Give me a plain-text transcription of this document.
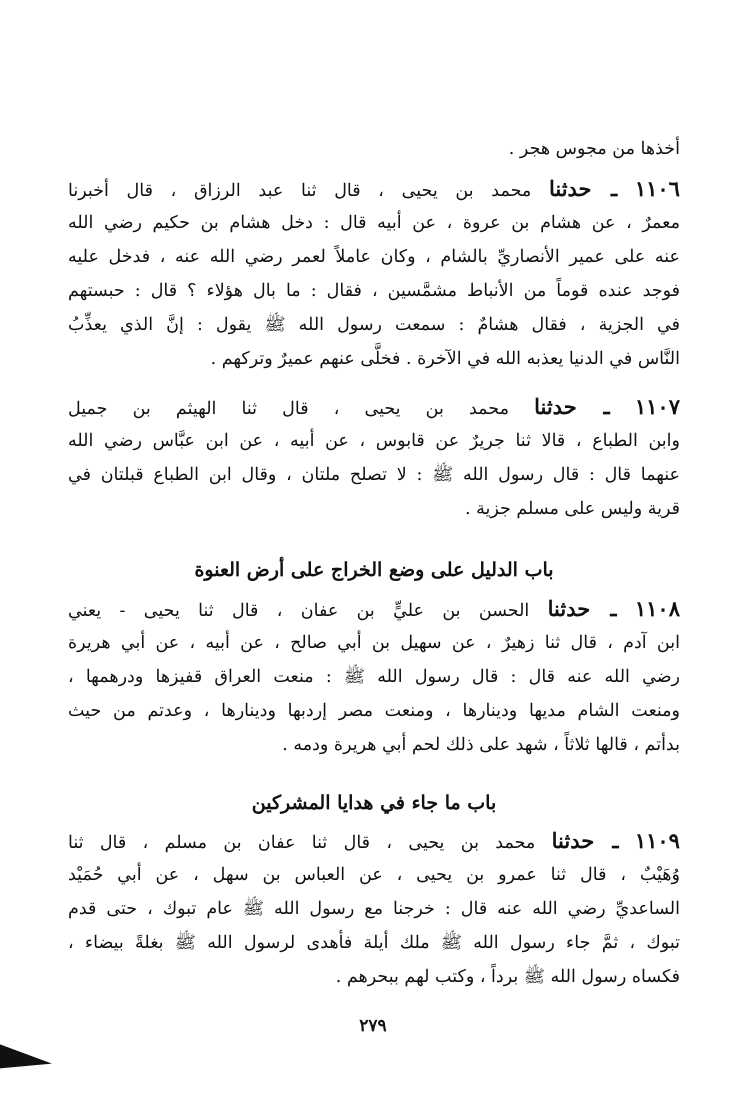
أخذها من مجوس هجر .
١١٠٦ ـ حدثنا محمد بن يحيى ، قال ثنا عبد الرزاق ، قال أخبرنا
معمرٌ ، عن هشام بن عروة ، عن أبيه قال : دخل هشام بن حكيم رضي الله
عنه على عمير الأنصاريِّ بالشام ، وكان عاملاً لعمر رضي الله عنه ، فدخل عليه
فوجد عنده قوماً من الأنباط مشمَّسين ، فقال : ما بال هؤلاء ؟ قال : حبستهم
في الجزية ، فقال هشامٌ : سمعت رسول الله ﷺ يقول : إنَّ الذي يعذِّبُ
النَّاس في الدنيا يعذبه الله في الآخرة . فخلَّى عنهم عميرٌ وتركهم .
١١٠٧ ـ حدثنا محمد بن يحيى ، قال ثنا الهيثم بن جميل
وابن الطباع ، قالا ثنا جريرٌ عن قابوس ، عن أبيه ، عن ابن عبَّاس رضي الله
عنهما قال : قال رسول الله ﷺ : لا تصلح ملتان ، وقال ابن الطباع قبلتان في
قرية وليس على مسلم جزية .
باب الدليل على وضع الخراج على أرض العنوة
١١٠٨ ـ حدثنا الحسن بن عليٍّ بن عفان ، قال ثنا يحيى - يعني
ابن آدم ، قال ثنا زهيرٌ ، عن سهيل بن أبي صالح ، عن أبيه ، عن أبي هريرة
رضي الله عنه قال : قال رسول الله ﷺ : منعت العراق قفيزها ودرهمها ،
ومنعت الشام مديها ودينارها ، ومنعت مصر إردبها ودينارها ، وعدتم من حيث
بدأتم ، قالها ثلاثاً ، شهد على ذلك لحم أبي هريرة ودمه .
باب ما جاء في هدايا المشركين
١١٠٩ ـ حدثنا محمد بن يحيى ، قال ثنا عفان بن مسلم ، قال ثنا
وُهَيْبٌ ، قال ثنا عمرو بن يحيى ، عن العباس بن سهل ، عن أبي حُمَيْد
الساعديِّ رضي الله عنه قال : خرجنا مع رسول الله ﷺ عام تبوك ، حتى قدم
تبوك ، ثمَّ جاء رسول الله ﷺ ملك أيلة فأهدى لرسول الله ﷺ بغلةً بيضاء ،
فكساه رسول الله ﷺ برداً ، وكتب لهم ببحرهم .
٢٧٩
